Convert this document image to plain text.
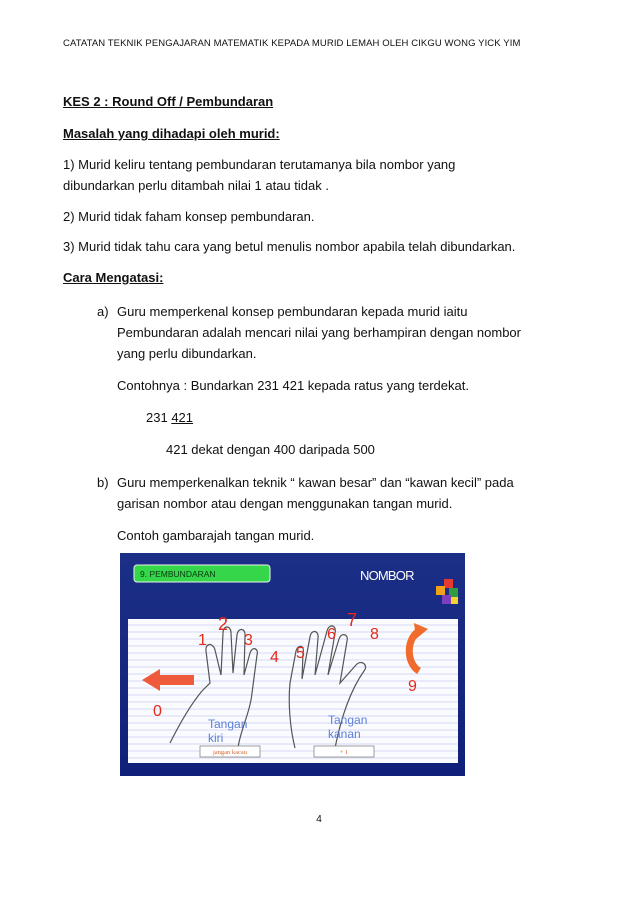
CATATAN TEKNIK PENGAJARAN MATEMATIK KEPADA MURID LEMAH OLEH CIKGU WONG YICK YIM
KES 2 : Round Off / Pembundaran
Masalah yang dihadapi oleh murid:
1) Murid keliru tentang pembundaran terutamanya bila nombor yang
dibundarkan perlu ditambah nilai 1 atau tidak .
2) Murid tidak faham konsep pembundaran.
3) Murid tidak tahu cara yang betul menulis nombor apabila telah dibundarkan.
Cara Mengatasi:
a) Guru memperkenal konsep pembundaran kepada murid iaitu
Pembundaran adalah mencari nilai yang berhampiran dengan nombor
yang perlu dibundarkan.
Contohnya : Bundarkan 231 421 kepada ratus yang terdekat.
231 421
421 dekat dengan 400 daripada 500
b) Guru memperkenalkan teknik “ kawan besar” dan “kawan kecil” pada
garisan nombor atau dengan menggunakan tangan murid.
Contoh gambarajah tangan murid.
9. PEMBUNDARAN	NOMBOR
0
1
2
3
4 5
6
7
8
9
Tangan
kiri
Tangan
kanan
jangan kacau	+ 1
4
